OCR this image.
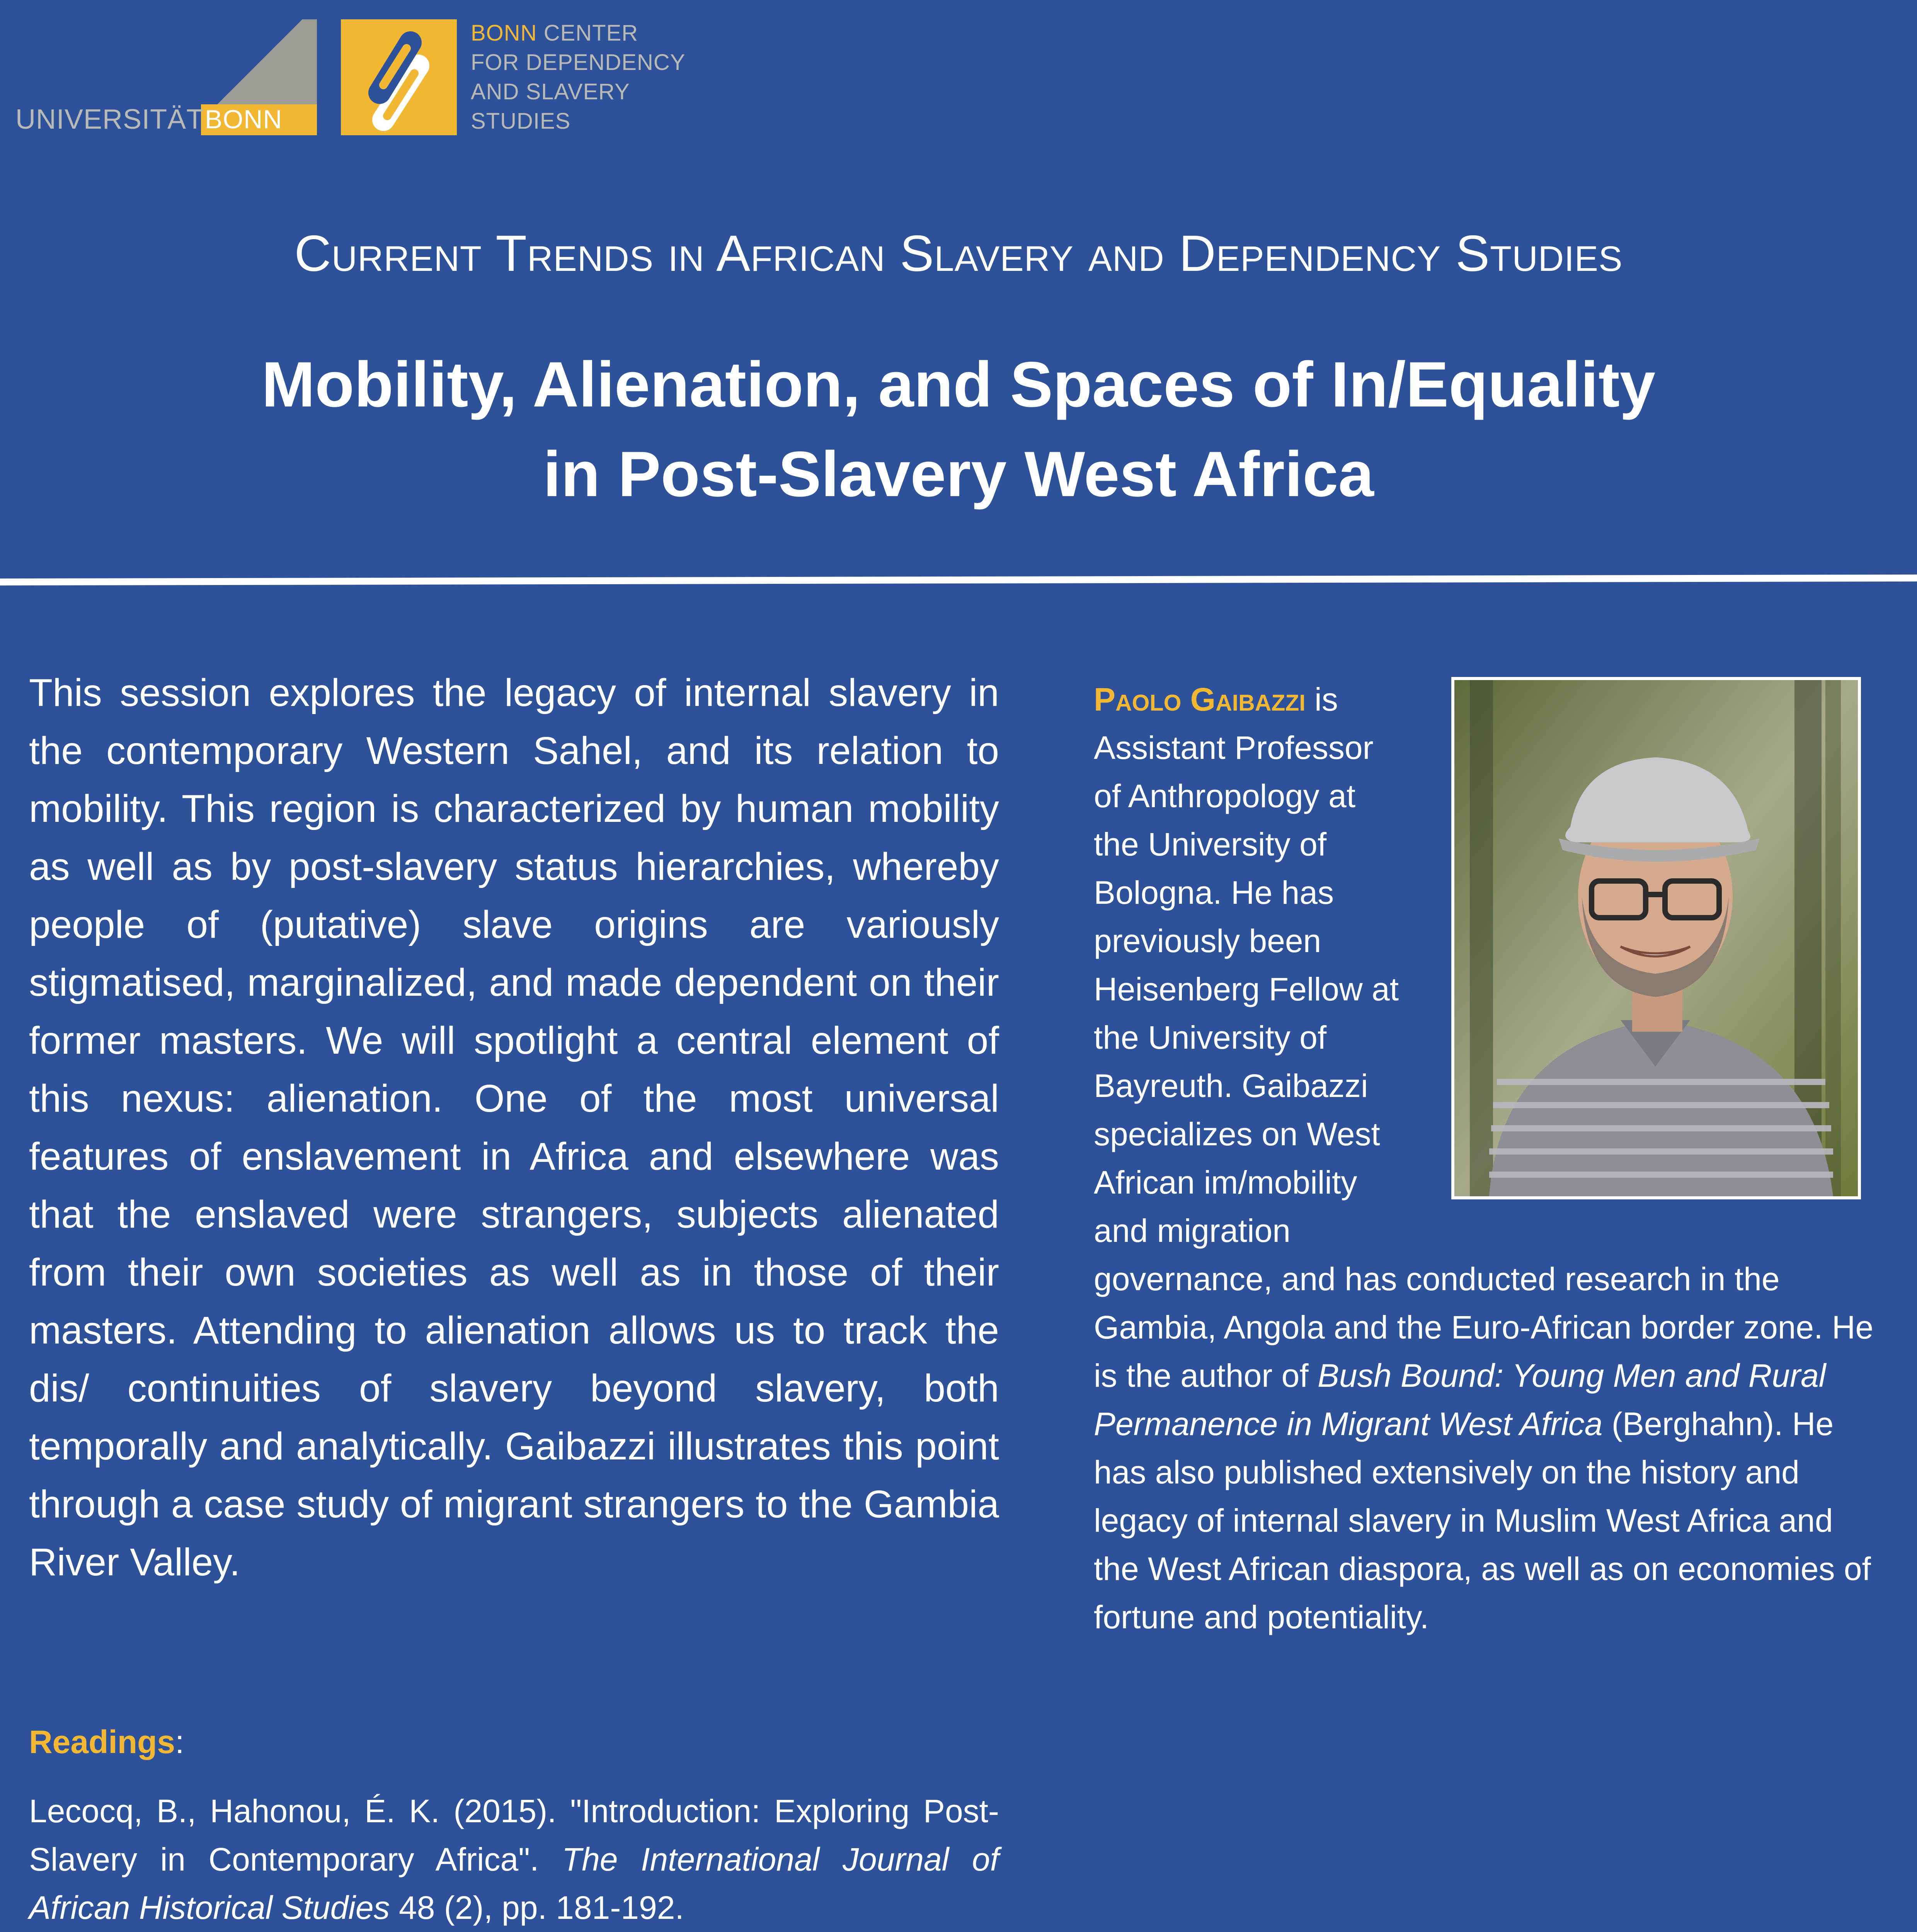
BONN
UNIVERSITÄT
BONN CENTER
FOR DEPENDENCY
AND SLAVERY
STUDIES
Current Trends in African Slavery and Dependency Studies
Mobility, Alienation, and Spaces of In/Equality
in Post-Slavery West Africa
This session explores the legacy of internal slavery in the contemporary Western Sahel, and its relation to mobility. This region is characterized by human mobility as well as by post-slavery status hierarchies, whereby people of (putative) slave origins are variously stigmatised, marginalized, and made dependent on their former masters. We will spotlight a central element of this nexus: alienation. One of the most universal features of enslavement in Africa and elsewhere was that the enslaved were strangers, subjects alienated from their own societies as well as in those of their masters. Attending to alienation allows us to track the dis/ continuities of slavery beyond slavery, both temporally and analytically. Gaibazzi illustrates this point through a case study of migrant strangers to the Gambia River Valley.
Readings:
Lecocq, B., Hahonou, É. K. (2015). "Introduction: Exploring Post-Slavery in Contemporary Africa". The International Journal of African Historical Studies 48 (2), pp. 181-192.
Paolo Gaibazzi is Assistant Professor of Anthropology at the University of Bologna. He has previously been Heisenberg Fellow at the University of Bayreuth. Gaibazzi specializes on West African im/mobility and migration
governance, and has conducted research in the Gambia, Angola and the Euro-African border zone. He is the author of Bush Bound: Young Men and Rural Permanence in Migrant West Africa (Berghahn). He has also published extensively on the history and legacy of internal slavery in Muslim West Africa and the West African diaspora, as well as on economies of fortune and potentiality.
